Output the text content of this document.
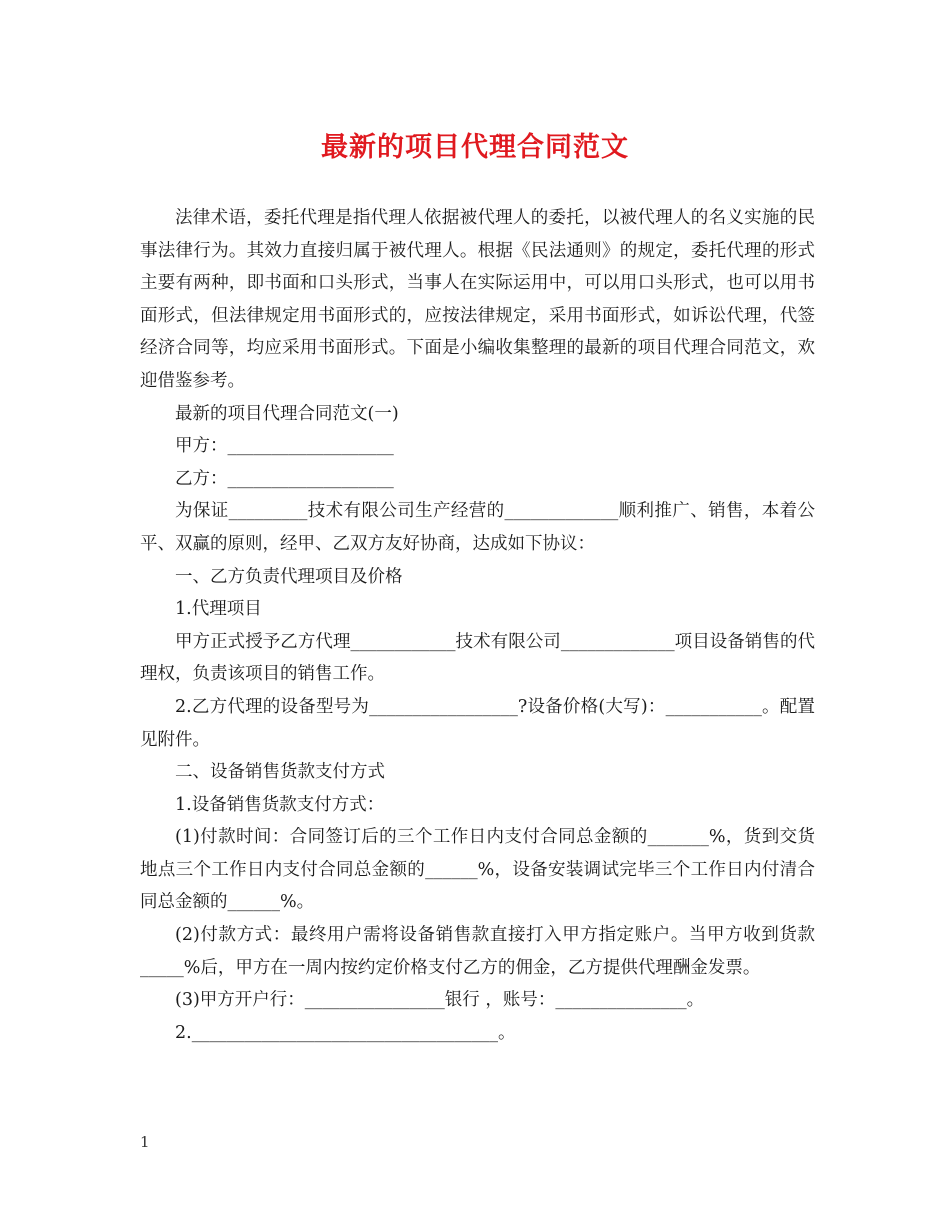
最新的项目代理合同范文

法律术语，委托代理是指代理人依据被代理人的委托，以被代理人的名义实施的民事法律行为。其效力直接归属于被代理人。根据《民法通则》的规定，委托代理的形式主要有两种，即书面和口头形式，当事人在实际运用中，可以用口头形式，也可以用书面形式，但法律规定用书面形式的，应按法律规定，采用书面形式，如诉讼代理，代签经济合同等，均应采用书面形式。下面是小编收集整理的最新的项目代理合同范文，欢迎借鉴参考。

最新的项目代理合同范文(一)

甲方：___________________

乙方：___________________

为保证_________技术有限公司生产经营的_____________顺利推广、销售，本着公平、双赢的原则，经甲、乙双方友好协商，达成如下协议：

一、乙方负责代理项目及价格

1.代理项目

甲方正式授予乙方代理____________技术有限公司_____________项目设备销售的代理权，负责该项目的销售工作。

2.乙方代理的设备型号为_________________?设备价格(大写)：___________。配置见附件。

二、设备销售货款支付方式

1.设备销售货款支付方式：

(1)付款时间：合同签订后的三个工作日内支付合同总金额的_______%，货到交货地点三个工作日内支付合同总金额的______%，设备安装调试完毕三个工作日内付清合同总金额的______%。

(2)付款方式：最终用户需将设备销售款直接打入甲方指定账户。当甲方收到货款_____%后，甲方在一周内按约定价格支付乙方的佣金，乙方提供代理酬金发票。

(3)甲方开户行：________________银行 ，账号：_______________。

2.___________________________________。

1
